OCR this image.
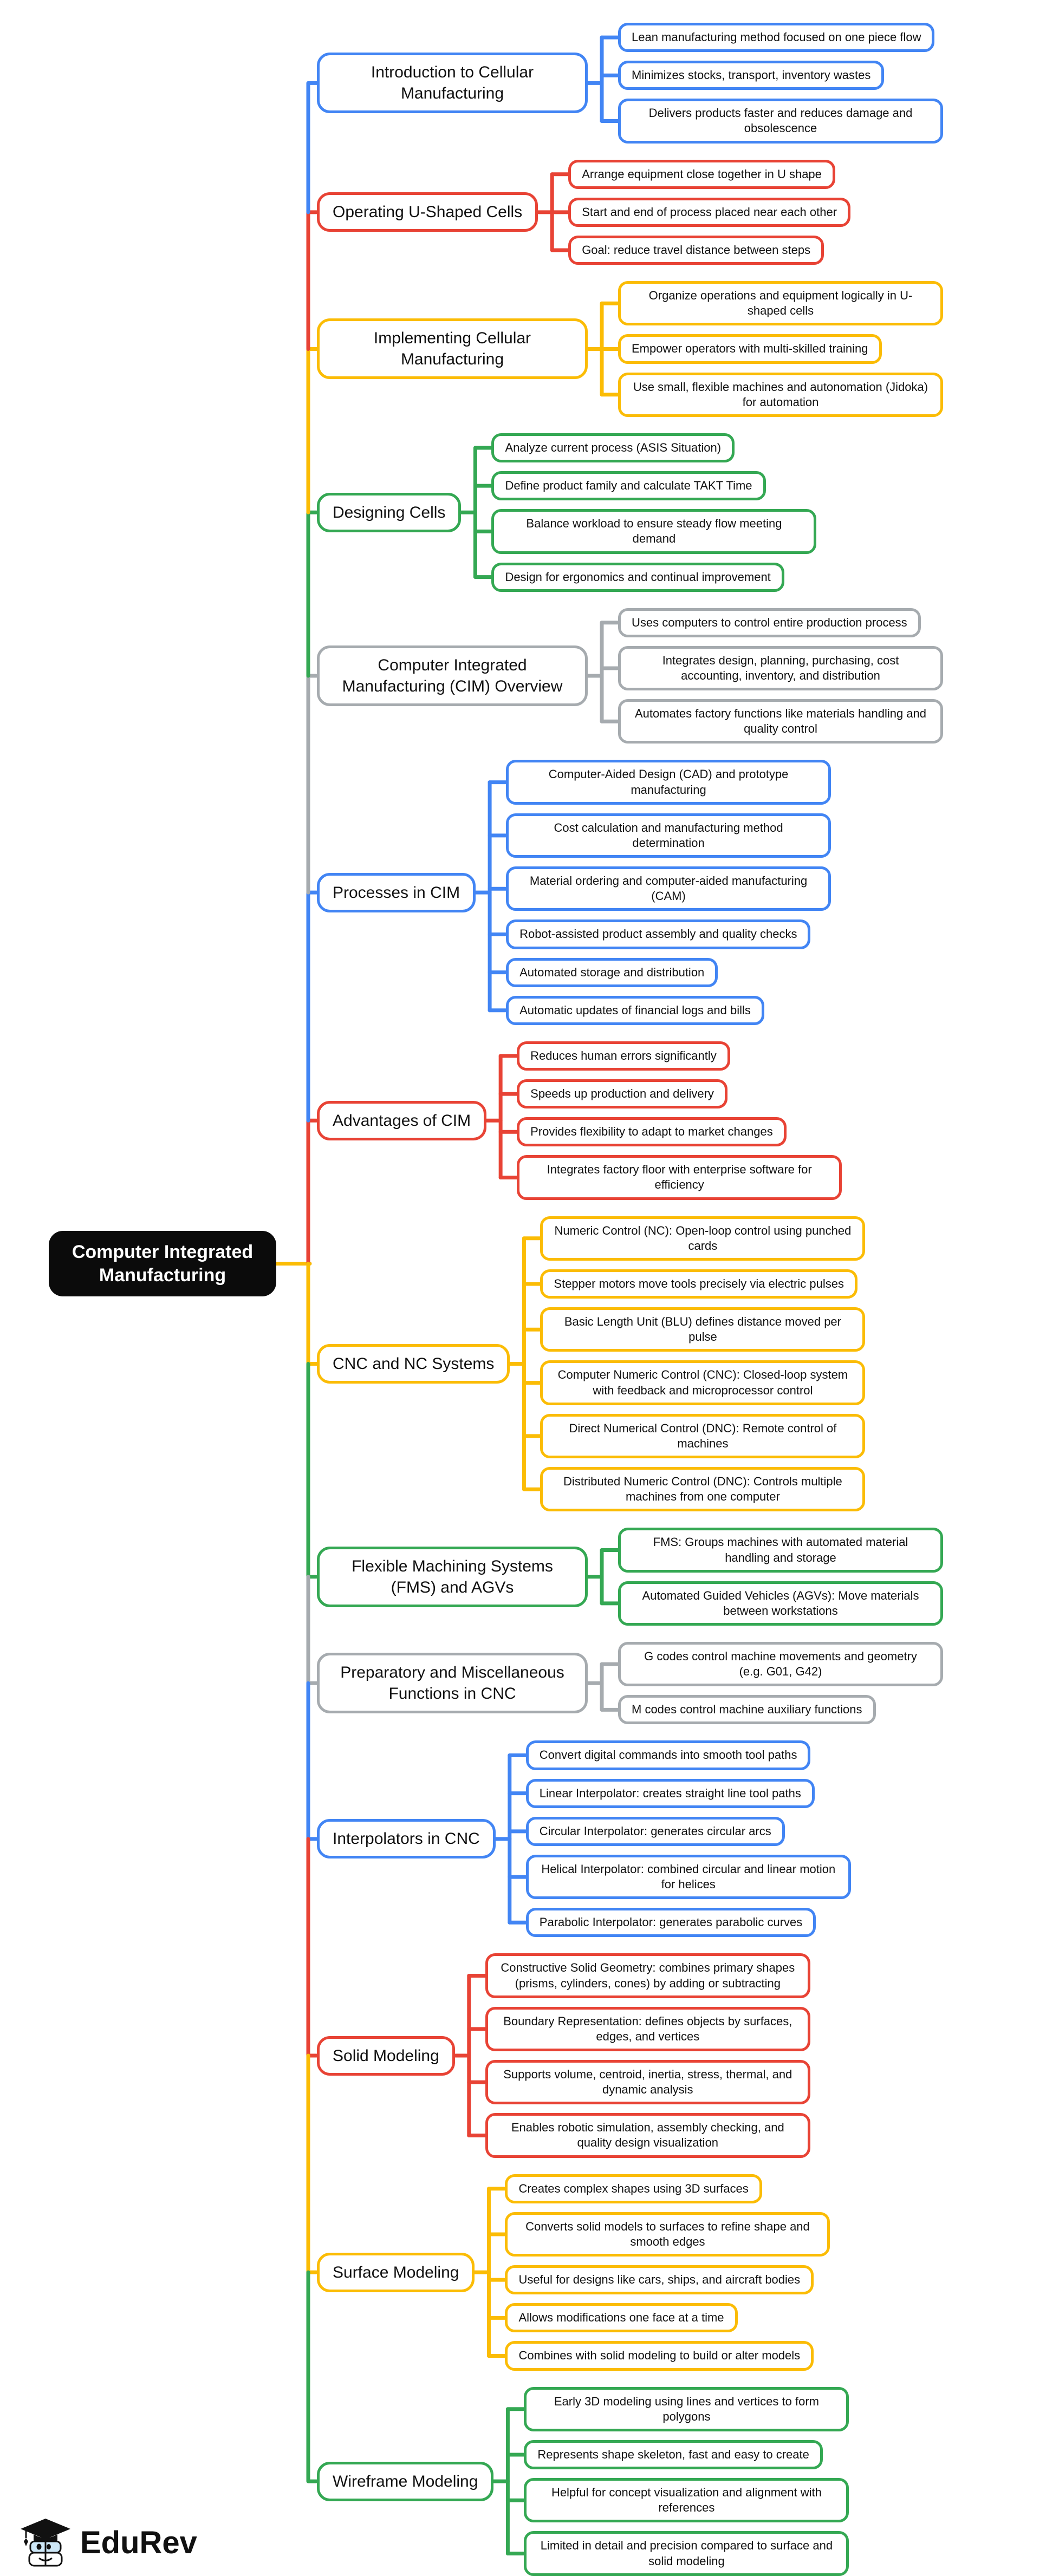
Computer Integrated Manufacturing
Introduction to Cellular Manufacturing
Lean manufacturing method focused on one piece flow
Minimizes stocks, transport, inventory wastes
Delivers products faster and reduces damage and obsolescence
Operating U-Shaped Cells
Arrange equipment close together in U shape
Start and end of process placed near each other
Goal: reduce travel distance between steps
Implementing Cellular Manufacturing
Organize operations and equipment logically in U-shaped cells
Empower operators with multi-skilled training
Use small, flexible machines and autonomation (Jidoka) for automation
Designing Cells
Analyze current process (ASIS Situation)
Define product family and calculate TAKT Time
Balance workload to ensure steady flow meeting demand
Design for ergonomics and continual improvement
Computer Integrated Manufacturing (CIM) Overview
Uses computers to control entire production process
Integrates design, planning, purchasing, cost accounting, inventory, and distribution
Automates factory functions like materials handling and quality control
Processes in CIM
Computer-Aided Design (CAD) and prototype manufacturing
Cost calculation and manufacturing method determination
Material ordering and computer-aided manufacturing (CAM)
Robot-assisted product assembly and quality checks
Automated storage and distribution
Automatic updates of financial logs and bills
Advantages of CIM
Reduces human errors significantly
Speeds up production and delivery
Provides flexibility to adapt to market changes
Integrates factory floor with enterprise software for efficiency
CNC and NC Systems
Numeric Control (NC): Open-loop control using punched cards
Stepper motors move tools precisely via electric pulses
Basic Length Unit (BLU) defines distance moved per pulse
Computer Numeric Control (CNC): Closed-loop system with feedback and microprocessor control
Direct Numerical Control (DNC): Remote control of machines
Distributed Numeric Control (DNC): Controls multiple machines from one computer
Flexible Machining Systems (FMS) and AGVs
FMS: Groups machines with automated material handling and storage
Automated Guided Vehicles (AGVs): Move materials between workstations
Preparatory and Miscellaneous Functions in CNC
G codes control machine movements and geometry (e.g. G01, G42)
M codes control machine auxiliary functions
Interpolators in CNC
Convert digital commands into smooth tool paths
Linear Interpolator: creates straight line tool paths
Circular Interpolator: generates circular arcs
Helical Interpolator: combined circular and linear motion for helices
Parabolic Interpolator: generates parabolic curves
Solid Modeling
Constructive Solid Geometry: combines primary shapes (prisms, cylinders, cones) by adding or subtracting
Boundary Representation: defines objects by surfaces, edges, and vertices
Supports volume, centroid, inertia, stress, thermal, and dynamic analysis
Enables robotic simulation, assembly checking, and quality design visualization
Surface Modeling
Creates complex shapes using 3D surfaces
Converts solid models to surfaces to refine shape and smooth edges
Useful for designs like cars, ships, and aircraft bodies
Allows modifications one face at a time
Combines with solid modeling to build or alter models
Wireframe Modeling
Early 3D modeling using lines and vertices to form polygons
Represents shape skeleton, fast and easy to create
Helpful for concept visualization and alignment with references
Limited in detail and precision compared to surface and solid modeling
EduRev
